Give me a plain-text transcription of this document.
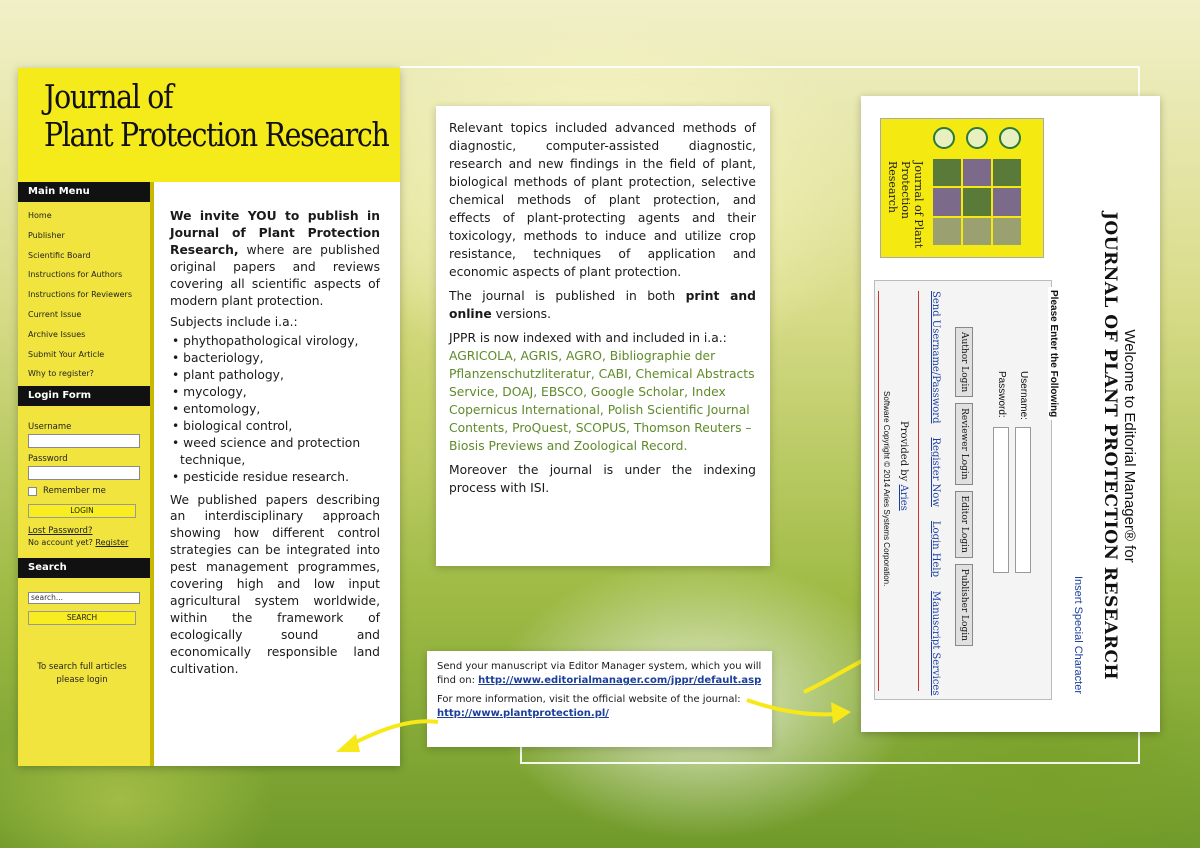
Journal of
Plant Protection Research
Main Menu
Home
Publisher
Scientific Board
Instructions for Authors
Instructions for Reviewers
Current Issue
Archive Issues
Submit Your Article
Why to register?
Login Form
Username
Password
Remember me
LOGIN
Lost Password?
No account yet? Register
Search
search...
SEARCH
To search full articles
please login

We invite YOU to publish in Journal of Plant Protection Research, where are published original papers and reviews covering all scientific aspects of modern plant protection.

Subjects include i.a.:

• phythopathological virology,
• bacteriology,
• plant pathology,
• mycology,
• entomology,
• biological control,
• weed science and protection technique,
• pesticide residue research.

We published papers describing an interdisciplinary approach showing how different control strategies can be integrated into pest management programmes, covering high and low input agricultural system worldwide, within the framework of ecologically sound and economically responsible land cultivation.

Relevant topics included advanced methods of diagnostic, computer-assisted diagnostic, research and new findings in the field of plant, biological methods of plant protection, selective chemical methods of plant protection, and effects of plant-protecting agents and their toxicology, methods to induce and utilize crop resistance, techniques of application and economic aspects of plant protection.

The journal is published in both print and online versions.

JPPR is now indexed with and included in i.a.:
AGRICOLA, AGRIS, AGRO, Bibliographie der Pflanzenschutzliteratur, CABI, Chemical Abstracts Service, DOAJ, EBSCO, Google Scholar, Index Copernicus International, Polish Scientific Journal Contents, ProQuest, SCOPUS, Thomson Reuters – Biosis Previews and Zoological Record.

Moreover the journal is under the indexing process with ISI.

Send your manuscript via Editor Manager system, which you will find on: http://www.editorialmanager.com/jppr/default.asp

For more information, visit the official website of the journal:
http://www.plantprotection.pl/

Welcome to Editorial Manager® for
JOURNAL OF PLANT PROTECTION RESEARCH
Insert Special Character
Journal of Plant Protection Research
Please Enter the Following
Username:
Password:
Author Login
Reviewer Login
Editor Login
Publisher Login
Send Username/Password
Register Now
Login Help
Manuscript Services
Provided by Aries
Software Copyright © 2014 Aries Systems Corporation.
